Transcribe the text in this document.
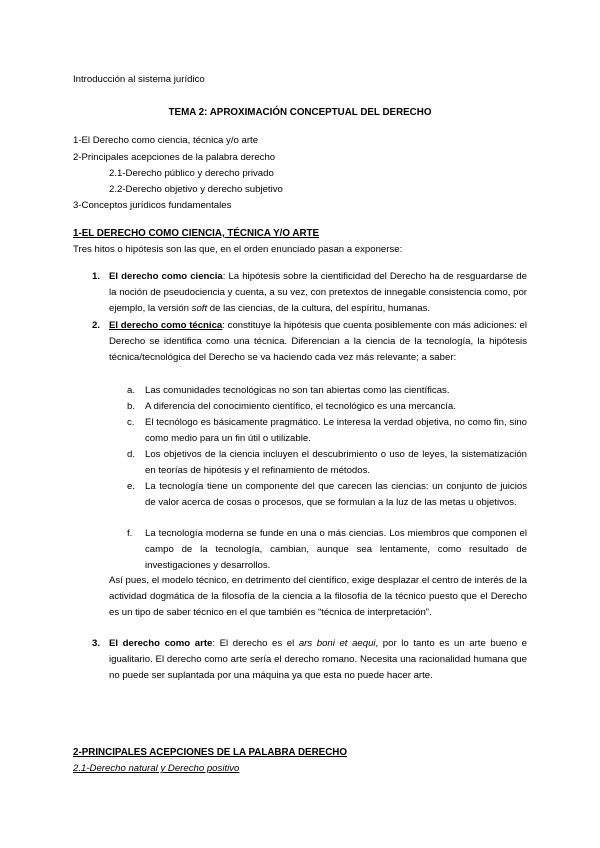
Introducción al sistema jurídico
TEMA 2: APROXIMACIÓN CONCEPTUAL DEL DERECHO
1-El Derecho como ciencia, técnica y/o arte
2-Principales acepciones de la palabra derecho
2.1-Derecho público y derecho privado
2.2-Derecho objetivo y derecho subjetivo
3-Conceptos jurídicos fundamentales
1-EL DERECHO COMO CIENCIA, TÉCNICA Y/O ARTE
Tres hitos o hipótesis son las que, en el orden enunciado pasan a exponerse:
1. El derecho como ciencia: La hipótesis sobre la cientificidad del Derecho ha de resguardarse de la noción de pseudociencia y cuenta, a su vez, con pretextos de innegable consistencia como, por ejemplo, la versión soft de las ciencias, de la cultura, del espíritu, humanas.
2. El derecho como técnica: constituye la hipótesis que cuenta posiblemente con más adiciones: el Derecho se identifica como una técnica. Diferencian a la ciencia de la tecnología, la hipótesis técnica/tecnológica del Derecho se va haciendo cada vez más relevante; a saber:
a. Las comunidades tecnológicas no son tan abiertas como las científicas.
b. A diferencia del conocimiento científico, el tecnológico es una mercancía.
c. El tecnólogo es básicamente pragmático. Le interesa la verdad objetiva, no como fin, sino como medio para un fin útil o utilizable.
d. Los objetivos de la ciencia incluyen el descubrimiento o uso de leyes, la sistematización en teorías de hipótesis y el refinamiento de métodos.
e. La tecnología tiene un componente del que carecen las ciencias: un conjunto de juicios de valor acerca de cosas o procesos, que se formulan a la luz de las metas u objetivos.
f. La tecnología moderna se funde en una o más ciencias. Los miembros que componen el campo de la tecnología, cambian, aunque sea lentamente, como resultado de investigaciones y desarrollos.
Así pues, el modelo técnico, en detrimento del científico, exige desplazar el centro de interés de la actividad dogmática de la filosofía de la ciencia a la filosofía de la técnico puesto que el Derecho es un tipo de saber técnico en el que también es “técnica de interpretación”.
3. El derecho como arte: El derecho es el ars boni et aequi, por lo tanto es un arte bueno e igualitario. El derecho como arte sería el derecho romano. Necesita una racionalidad humana que no puede ser suplantada por una máquina ya que esta no puede hacer arte.
2-PRINCIPALES ACEPCIONES DE LA PALABRA DERECHO
2.1-Derecho natural y Derecho positivo
